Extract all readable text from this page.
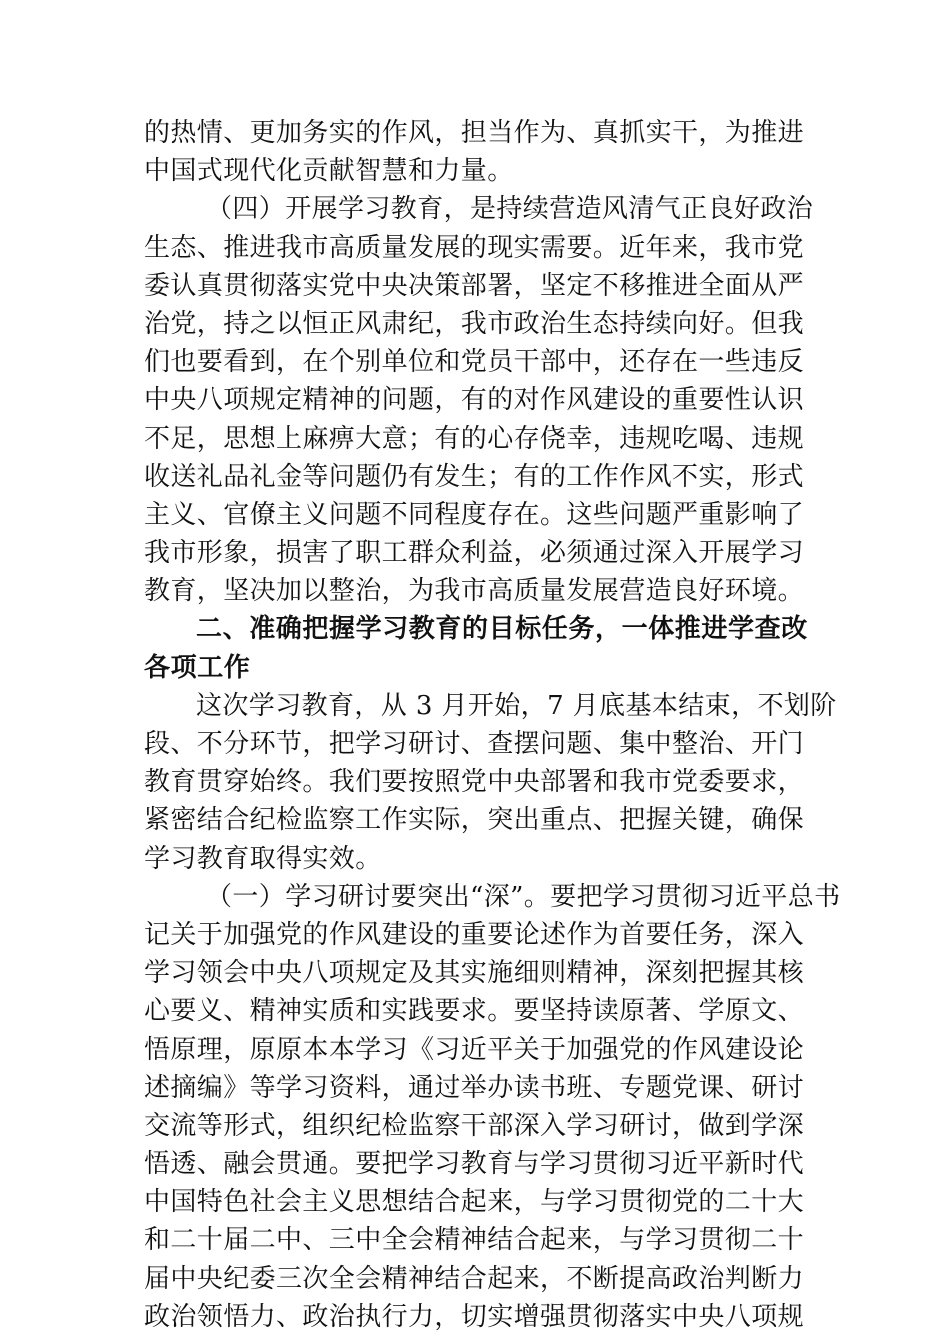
的热情、更加务实的作风，担当作为、真抓实干，为推进
中国式现代化贡献智慧和力量。
（四）开展学习教育，是持续营造风清气正良好政治
生态、推进我市高质量发展的现实需要。近年来，我市党
委认真贯彻落实党中央决策部署，坚定不移推进全面从严
治党，持之以恒正风肃纪，我市政治生态持续向好。但我
们也要看到，在个别单位和党员干部中，还存在一些违反
中央八项规定精神的问题，有的对作风建设的重要性认识
不足，思想上麻痹大意；有的心存侥幸，违规吃喝、违规
收送礼品礼金等问题仍有发生；有的工作作风不实，形式
主义、官僚主义问题不同程度存在。这些问题严重影响了
我市形象，损害了职工群众利益，必须通过深入开展学习
教育，坚决加以整治，为我市高质量发展营造良好环境。
二、准确把握学习教育的目标任务，一体推进学查改
各项工作
这次学习教育，从 3 月开始，7 月底基本结束，不划阶
段、不分环节，把学习研讨、查摆问题、集中整治、开门
教育贯穿始终。我们要按照党中央部署和我市党委要求，
紧密结合纪检监察工作实际，突出重点、把握关键，确保
学习教育取得实效。
（一）学习研讨要突出“深”。要把学习贯彻习近平总书
记关于加强党的作风建设的重要论述作为首要任务，深入
学习领会中央八项规定及其实施细则精神，深刻把握其核
心要义、精神实质和实践要求。要坚持读原著、学原文、
悟原理，原原本本学习《习近平关于加强党的作风建设论
述摘编》等学习资料，通过举办读书班、专题党课、研讨
交流等形式，组织纪检监察干部深入学习研讨，做到学深
悟透、融会贯通。要把学习教育与学习贯彻习近平新时代
中国特色社会主义思想结合起来，与学习贯彻党的二十大
和二十届二中、三中全会精神结合起来，与学习贯彻二十
届中央纪委三次全会精神结合起来，不断提高政治判断力
政治领悟力、政治执行力，切实增强贯彻落实中央八项规
